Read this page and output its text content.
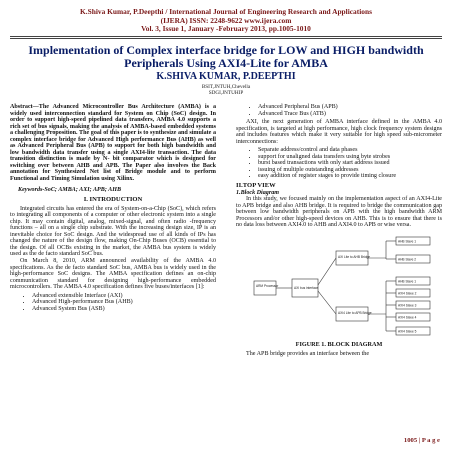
K.Shiva Kumar, P.Deepthi / International Journal of Engineering Research and Applications
(IJERA) ISSN: 2248-9622 www.ijera.com
Vol. 3, Issue 1, January -February 2013, pp.1005-1010
Implementation of Complex interface bridge for LOW and HIGH bandwidth Peripherals Using AXI4-Lite for AMBA
K.SHIVA KUMAR, P.DEEPTHI
BSIT,JNTUH,Chevella
SDGI,JNTUHIP
Abstract—The Advanced Microcontroller Bus Architecture (AMBA) is a widely used interconnection standard for System on Chip (SoC) design. In order to support high-speed pipelined data transfers, AMBA 4.0 supports a rich set of bus signals, making the analysis of AMBA-based embedded systems a challenging Proposition. The goal of this paper is to synthesize and simulate a complex interface bridge for Advanced High performance Bus (AHB) as well as Advanced Peripheral Bus (APB) to support for both high bandwidth and low bandwidth data transfer using a single AXI4-lite transaction. The data transition distinction is made by N- bit comparator which is designed for switching over between AHB and APB. The Paper also involves the Back annotation for Synthesized Net list of Bridge module and to perform Functional and Timing Simulation using Xilinx.
Keywords-SoC; AMBA; AXI; APB; AHB
I. INTRODUCTION

Integrated circuits has entered the era of System-on-a-Chip (SoC), which refers to integrating all components of a computer or other electronic system into a single chip. It may contain digital, analog, mixed-signal, and often radio -frequency functions – all on a single chip substrate. With the increasing design size, IP is an inevitable choice for SoC design. And the widespread use of all kinds of IPs has changed the nature of the design flow, making On-Chip Buses (OCB) essential to the design. Of all OCBs existing in the market, the AMBA bus system is widely used as the de facto standard SoC bus.

On March 8, 2010, ARM announced availability of the AMBA 4.0 specifications. As the de facto standard SoC bus, AMBA bus is widely used in the high-performance SoC designs. The AMBA specification defines an on-chip communication standard for designing high-performance embedded microcontrollers. The AMBA 4.0 specification defines five buses/interfaces [1]:

• Advanced extensible Interface (AXI)
• Advanced High-performance Bus (AHB)
• Advanced System Bus (ASB)
• Advanced Peripheral Bus (APB)
• Advanced Trace Bus (ATB)

AXI, the next generation of AMBA interface defined in the AMBA 4.0 specification, is targeted at high performance, high clock frequency system designs and includes features which make it very suitable for high speed sub-micrometer interconnections:

• Separate address/control and data phases
• support for unaligned data transfers using byte strobes
• burst based transactions with only start address issued
• issuing of multiple outstanding addresses
• easy addition of register stages to provide timing closure
II.TOP VIEW
1.Block Diagram

In this study, we focused mainly on the implementation aspect of an AXI4-Lite to APB bridge and also AHB bridge. It is required to bridge the communication gap between low bandwidth peripherals on APB with the high bandwidth ARM Processors and/or other high-speed devices on AHB. This is to ensure that there is no data loss between AXI4.0 to AHB and AXI4.0 to APB or wise versa.

ARM Processor	AXI bus interface
AXI Lite to AHB Bridge
AXI4 Lite to APB Bridge
AHB Slave 1
AHB Slave 2
AHB Slave 1
AXI4 Slave 2
AXI4 Slave 3
AXI4 Slave 4
AXI4 Slave 5
FIGURE 1. BLOCK DIAGRAM

The APB bridge provides an interface between the

1005 | P a g e
